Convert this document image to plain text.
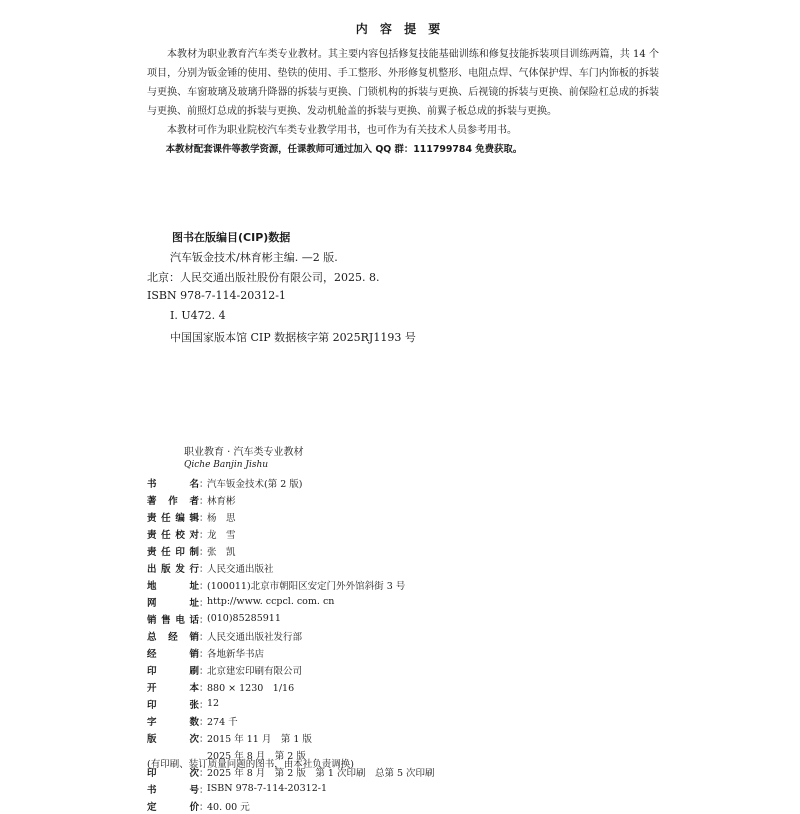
内 容 提 要

本教材为职业教育汽车类专业教材。其主要内容包括修复技能基础训练和修复技能拆装项目训练两篇，共 14 个项目，分别为钣金锤的使用、垫铁的使用、手工整形、外形修复机整形、电阻点焊、气体保护焊、车门内饰板的拆装与更换、车窗玻璃及玻璃升降器的拆装与更换、门锁机构的拆装与更换、后视镜的拆装与更换、前保险杠总成的拆装与更换、前照灯总成的拆装与更换、发动机舱盖的拆装与更换、前翼子板总成的拆装与更换。

本教材可作为职业院校汽车类专业教学用书，也可作为有关技术人员参考用书。

本教材配套课件等教学资源，任课教师可通过加入 QQ 群：111799784 免费获取。

图书在版编目(CIP)数据
汽车钣金技术/林育彬主编. —2 版.
北京：人民交通出版社股份有限公司，2025. 8.
ISBN 978-7-114-20312-1
Ⅰ. U472. 4
中国国家版本馆 CIP 数据核字第 2025RJ1193 号
职业教育 · 汽车类专业教材
Qiche Banjin Jishu
书	名 ：
汽车钣金技术(第 2 版)
著 作 者 ：
林育彬
责 任 编 辑 ：
杨　思
责 任 校 对 ：
龙　雪
责 任 印 制 ：
张　凯
出 版 发 行 ：
人民交通出版社
地	址 ：
(100011)北京市朝阳区安定门外外馆斜街 3 号
网	址 ：
http://www. ccpcl. com. cn
销 售 电 话 ：
(010)85285911
总 经 销 ：
人民交通出版社发行部
经	销 ：
各地新华书店
印	刷 ：
北京建宏印刷有限公司
开	本 ：
880 × 1230　1/16
印	张 ：
12
字	数 ：
274 千
版	次 ：
2015 年 11 月　第 1 版
2025 年 8 月　第 2 版
印	次 ：
2025 年 8 月　第 2 版　第 1 次印刷　总第 5 次印刷
书	号 ：
ISBN 978-7-114-20312-1
定	价 ：
40. 00 元
(有印刷、装订质量问题的图书，由本社负责调换)
